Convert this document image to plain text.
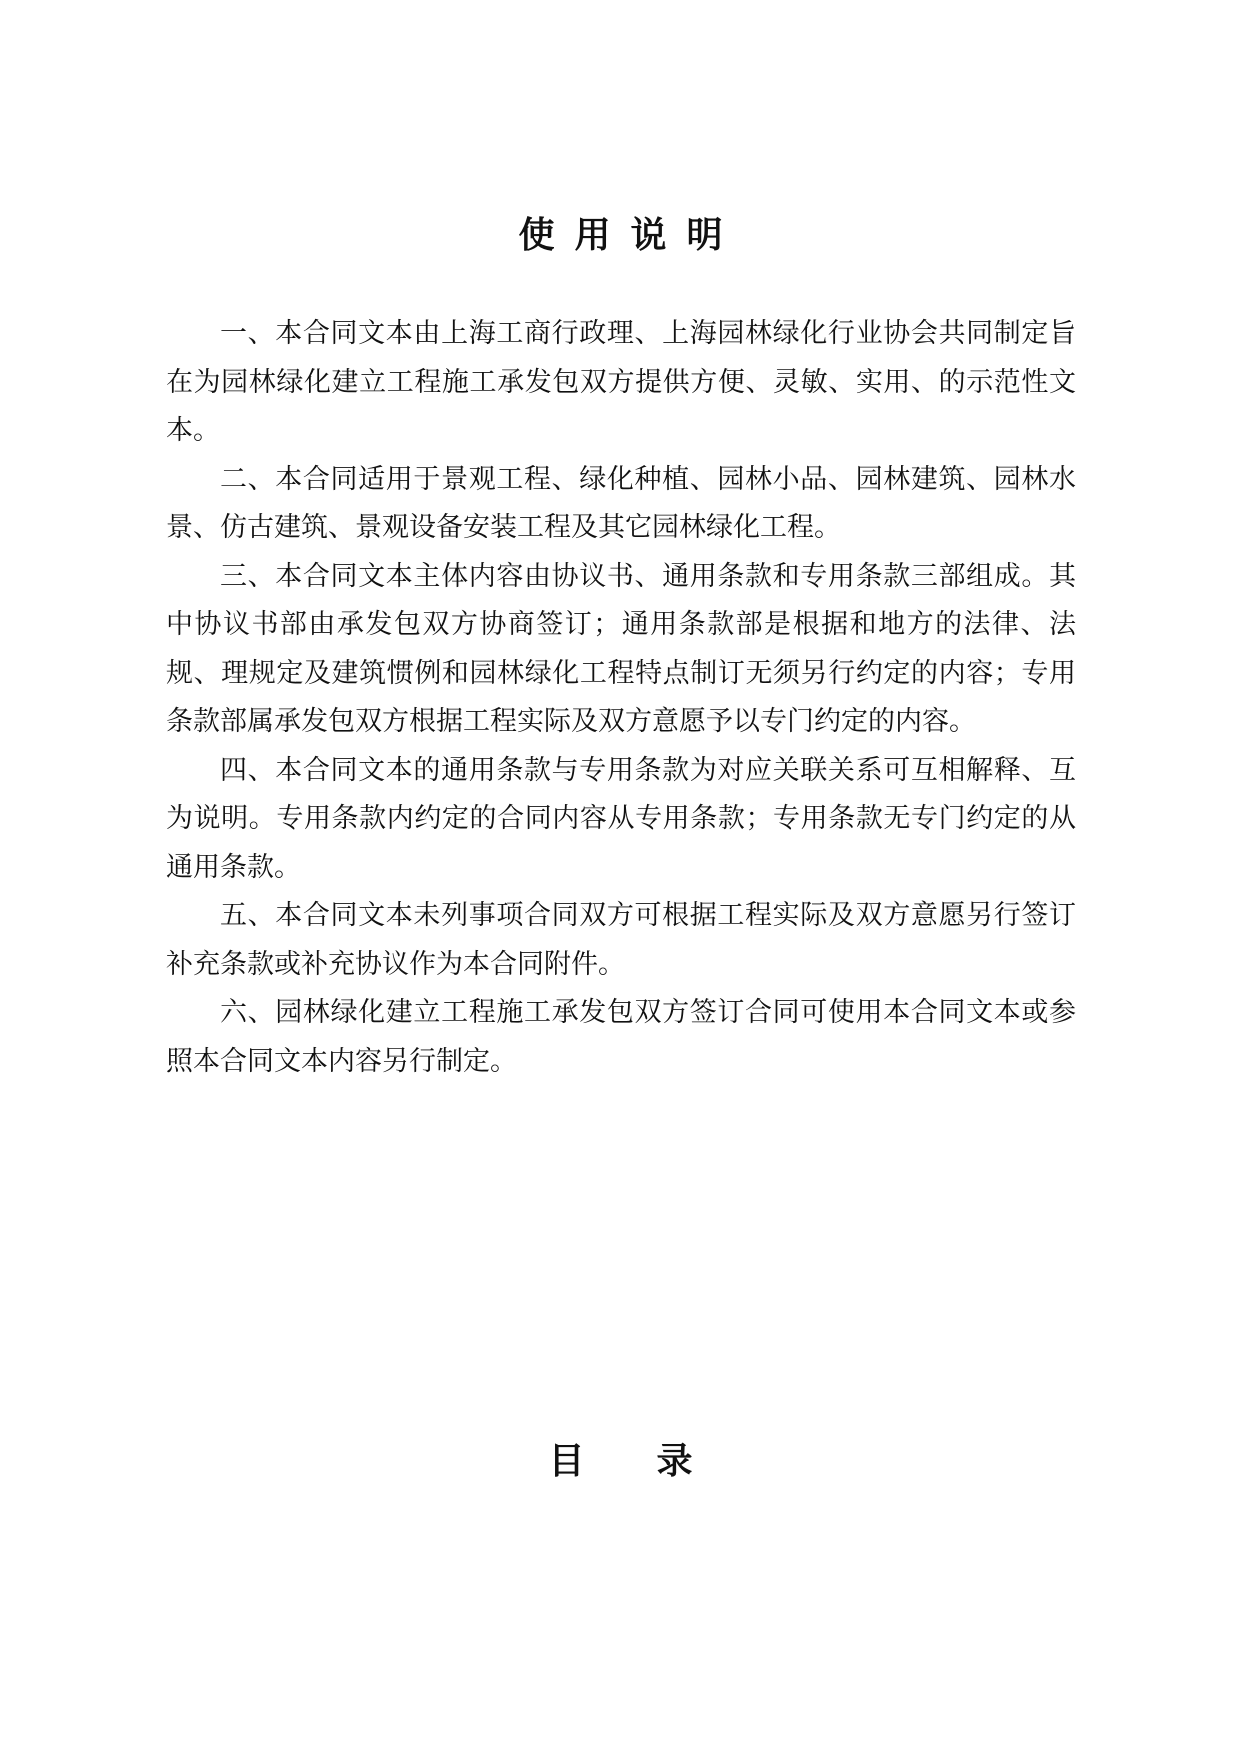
使用说明

一、本合同文本由上海工商行政理、上海园林绿化行业协会共同制定旨在为园林绿化建立工程施工承发包双方提供方便、灵敏、实用、的示范性文本。

二、本合同适用于景观工程、绿化种植、园林小品、园林建筑、园林水景、仿古建筑、景观设备安装工程及其它园林绿化工程。

三、本合同文本主体内容由协议书、通用条款和专用条款三部组成。其中协议书部由承发包双方协商签订；通用条款部是根据和地方的法律、法规、理规定及建筑惯例和园林绿化工程特点制订无须另行约定的内容；专用条款部属承发包双方根据工程实际及双方意愿予以专门约定的内容。

四、本合同文本的通用条款与专用条款为对应关联关系可互相解释、互为说明。专用条款内约定的合同内容从专用条款；专用条款无专门约定的从通用条款。

五、本合同文本未列事项合同双方可根据工程实际及双方意愿另行签订补充条款或补充协议作为本合同附件。

六、园林绿化建立工程施工承发包双方签订合同可使用本合同文本或参照本合同文本内容另行制定。

目录
